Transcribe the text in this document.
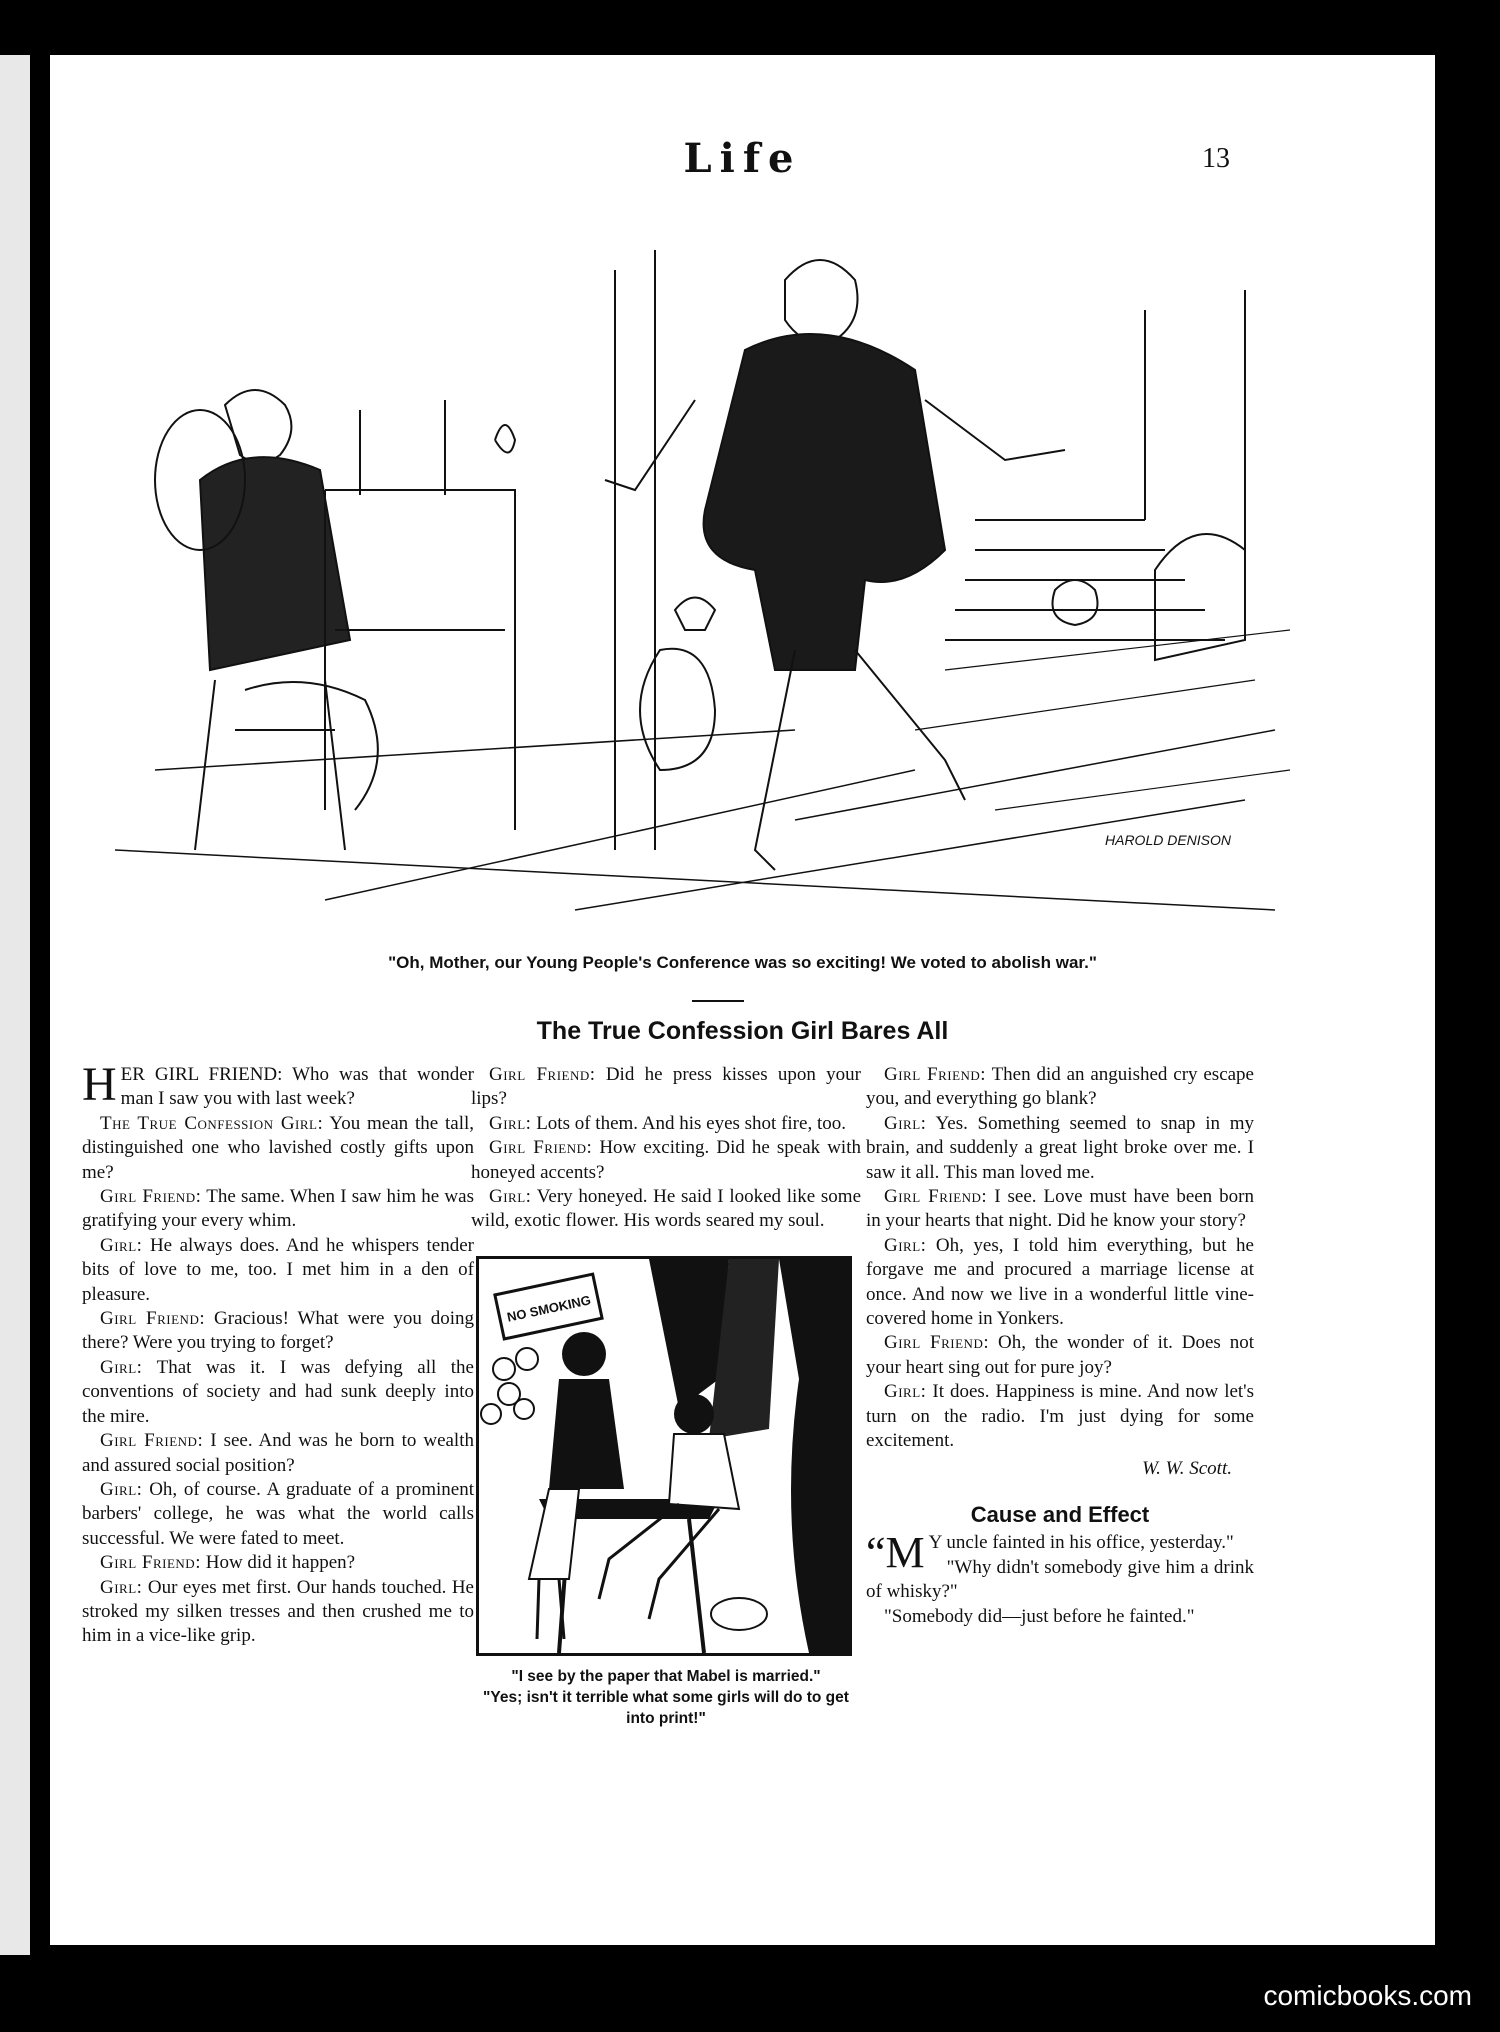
Life	13
HAROLD DENISON
"Oh, Mother, our Young People's Conference was so exciting! We voted to abolish war."
The True Confession Girl Bares All

HER GIRL FRIEND: Who was that wonder man I saw you with last week?

The True Confession Girl: You mean the tall, distinguished one who lavished costly gifts upon me?

Girl Friend: The same. When I saw him he was gratifying your every whim.

Girl: He always does. And he whispers tender bits of love to me, too. I met him in a den of pleasure.

Girl Friend: Gracious! What were you doing there? Were you trying to forget?

Girl: That was it. I was defying all the conventions of society and had sunk deeply into the mire.

Girl Friend: I see. And was he born to wealth and assured social position?

Girl: Oh, of course. A graduate of a prominent barbers' college, he was what the world calls successful. We were fated to meet.

Girl Friend: How did it happen?

Girl: Our eyes met first. Our hands touched. He stroked my silken tresses and then crushed me to him in a vice-like grip.

Girl Friend: Did he press kisses upon your lips?

Girl: Lots of them. And his eyes shot fire, too.

Girl Friend: How exciting. Did he speak with honeyed accents?

Girl: Very honeyed. He said I looked like some wild, exotic flower. His words seared my soul.

NO SMOKING
"I see by the paper that Mabel is married."
"Yes; isn't it terrible what some girls will do to get into print!"

Girl Friend: Then did an anguished cry escape you, and everything go blank?

Girl: Yes. Something seemed to snap in my brain, and suddenly a great light broke over me. I saw it all. This man loved me.

Girl Friend: I see. Love must have been born in your hearts that night. Did he know your story?

Girl: Oh, yes, I told him everything, but he forgave me and procured a marriage license at once. And now we live in a wonderful little vine-covered home in Yonkers.

Girl Friend: Oh, the wonder of it. Does not your heart sing out for pure joy?

Girl: It does. Happiness is mine. And now let's turn on the radio. I'm just dying for some excitement.

W. W. Scott.
Cause and Effect

“M Y uncle fainted in his office, yesterday."

"Why didn't somebody give him a drink of whisky?"

"Somebody did—just before he fainted."

comicbooks.com
